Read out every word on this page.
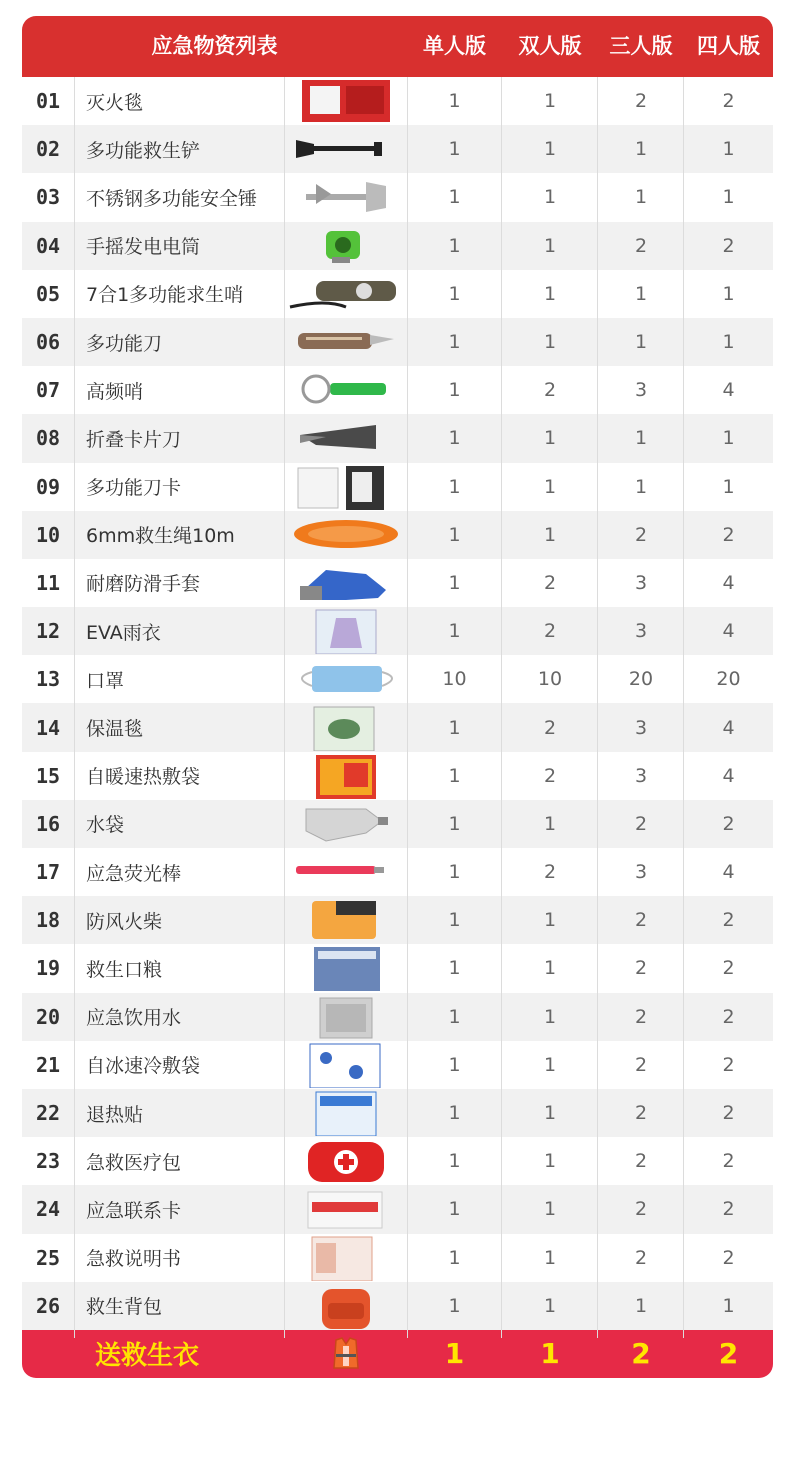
应急物资列表	单人版	双人版	三人版	四人版
01	灭火毯	1	1	2	2
02	多功能救生铲	1	1	1	1
03	不锈钢多功能安全锤	1	1	1	1
04	手摇发电电筒	1	1	2	2
05	7合1多功能求生哨	1	1	1	1
06	多功能刀	1	1	1	1
07	高频哨	1	2	3	4
08	折叠卡片刀	1	1	1	1
09	多功能刀卡	1	1	1	1
10	6mm救生绳10m	1	1	2	2
11	耐磨防滑手套	1	2	3	4
12	EVA雨衣	1	2	3	4
13	口罩	10	10	20	20
14	保温毯	1	2	3	4
15	自暖速热敷袋	1	2	3	4
16	水袋	1	1	2	2
17	应急荧光棒	1	2	3	4
18	防风火柴	1	1	2	2
19	救生口粮	1	1	2	2
20	应急饮用水	1	1	2	2
21	自冰速冷敷袋	1	1	2	2
22	退热贴	1	1	2	2
23	急救医疗包	1	1	2	2
24	应急联系卡	1	1	2	2
25	急救说明书	1	1	2	2
26	救生背包	1	1	1	1
送救生衣	1	1	2	2
